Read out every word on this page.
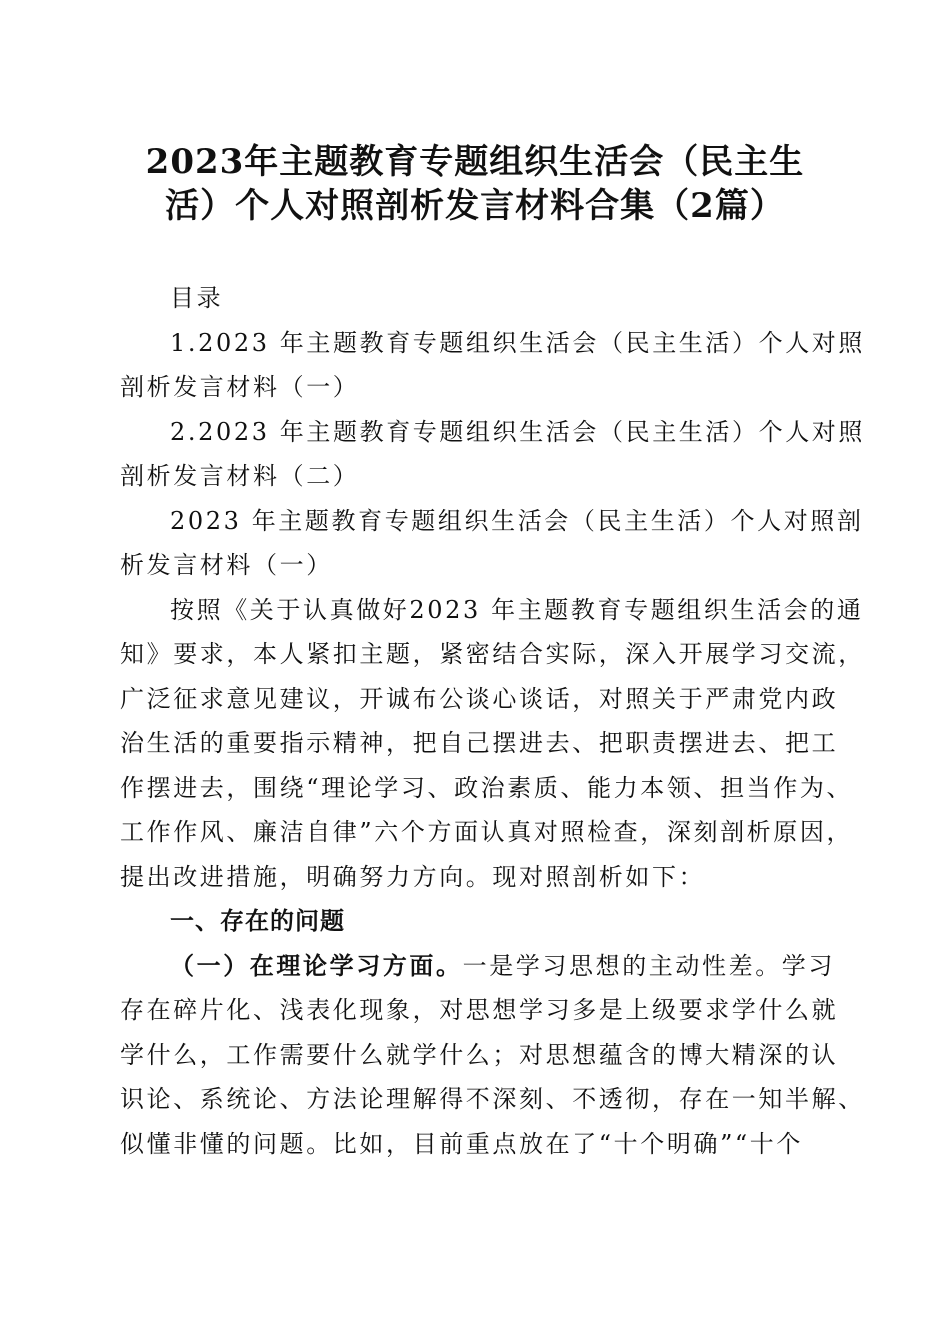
2023年主题教育专题组织生活会（民主生
活）个人对照剖析发言材料合集（2篇）
目录
1.2023 年主题教育专题组织生活会（民主生活）个人对照
剖析发言材料（一）
2.2023 年主题教育专题组织生活会（民主生活）个人对照
剖析发言材料（二）
2023 年主题教育专题组织生活会（民主生活）个人对照剖
析发言材料（一）
按照《关于认真做好2023 年主题教育专题组织生活会的通
知》要求，本人紧扣主题，紧密结合实际，深入开展学习交流，
广泛征求意见建议，开诚布公谈心谈话，对照关于严肃党内政
治生活的重要指示精神，把自己摆进去、把职责摆进去、把工
作摆进去，围绕“理论学习、政治素质、能力本领、担当作为、
工作作风、廉洁自律”六个方面认真对照检查，深刻剖析原因，
提出改进措施，明确努力方向。现对照剖析如下：
一、存在的问题
（一）在理论学习方面。一是学习思想的主动性差。学习
存在碎片化、浅表化现象，对思想学习多是上级要求学什么就
学什么，工作需要什么就学什么；对思想蕴含的博大精深的认
识论、系统论、方法论理解得不深刻、不透彻，存在一知半解、
似懂非懂的问题。比如，目前重点放在了“十个明确”“十个
